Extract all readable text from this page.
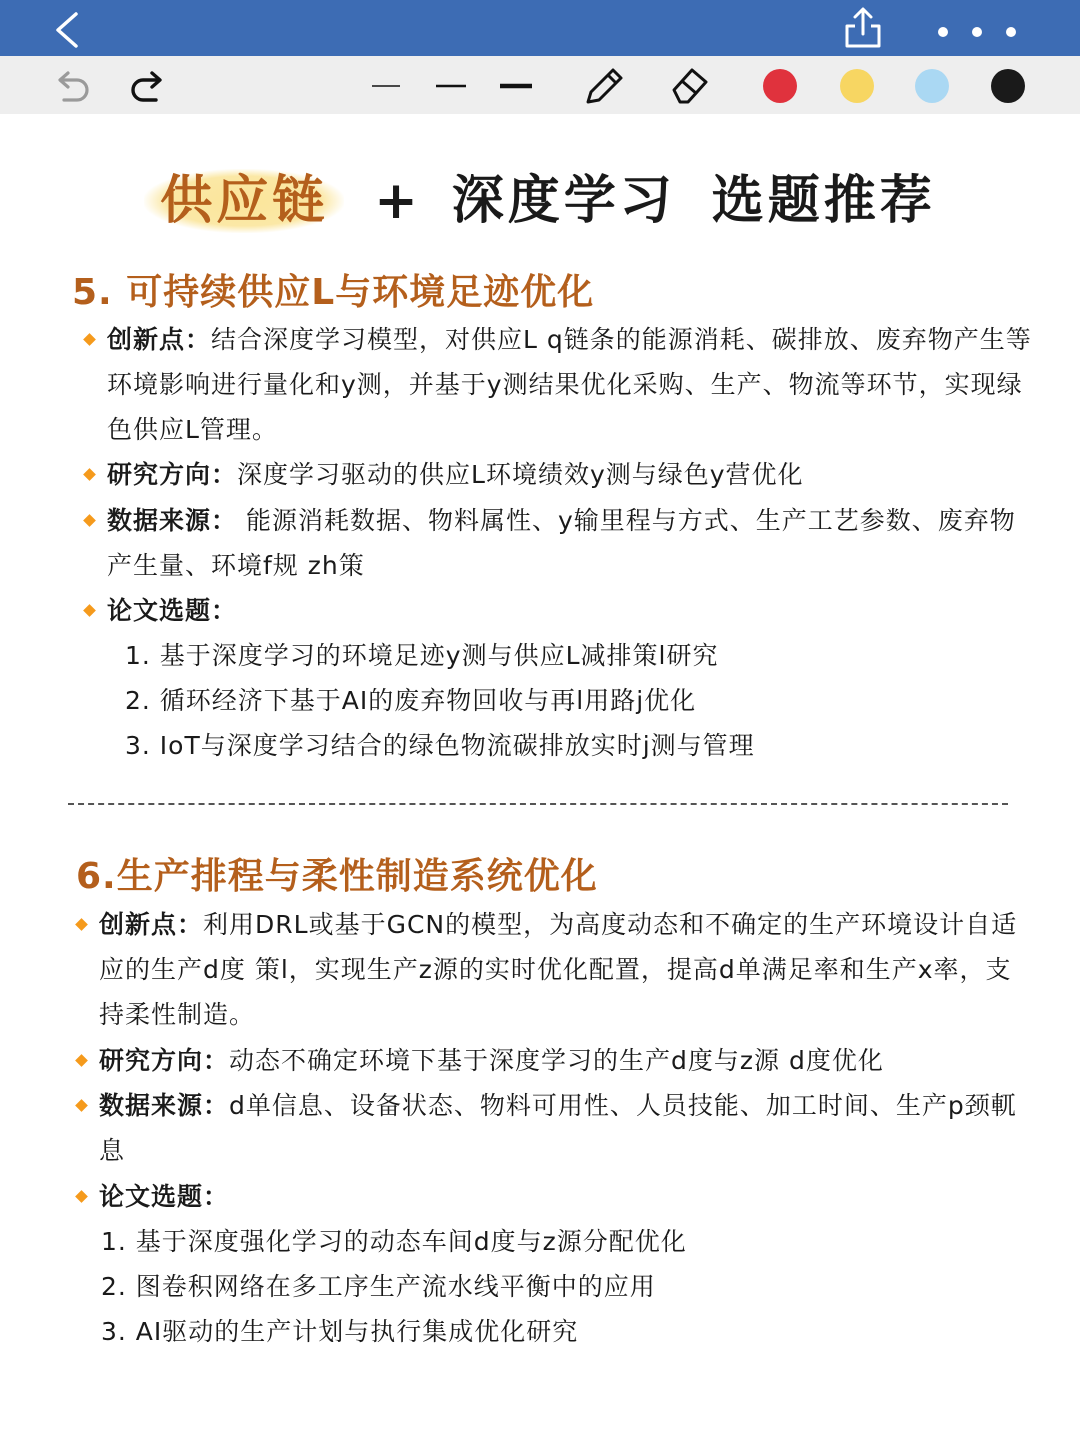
供应链 + 深度学习 选题推荐
5. 可持续供应L与环境足迹优化
创新点：结合深度学习模型，对供应L q链条的能源消耗、碳排放、废弃物产生等环境影响进行量化和y测，并基于y测结果优化采购、生产、物流等环节，实现绿色供应L管理。
研究方向：深度学习驱动的供应L环境绩效y测与绿色y营优化
数据来源： 能源消耗数据、物料属性、y输里程与方式、生产工艺参数、废弃物产生量、环境f规 zh策
论文选题：
1. 基于深度学习的环境足迹y测与供应L减排策l研究
2. 循环经济下基于AI的废弃物回收与再l用路j优化
3. IoT与深度学习结合的绿色物流碳排放实时j测与管理
6.生产排程与柔性制造系统优化
创新点：利用DRL或基于GCN的模型，为高度动态和不确定的生产环境设计自适应的生产d度 策l，实现生产z源的实时优化配置，提高d单满足率和生产x率，支持柔性制造。
研究方向：动态不确定环境下基于深度学习的生产d度与z源 d度优化
数据来源：d单信息、设备状态、物料可用性、人员技能、加工时间、生产p颈軏息
论文选题：
1. 基于深度强化学习的动态车间d度与z源分配优化
2. 图卷积网络在多工序生产流水线平衡中的应用
3. AI驱动的生产计划与执行集成优化研究
